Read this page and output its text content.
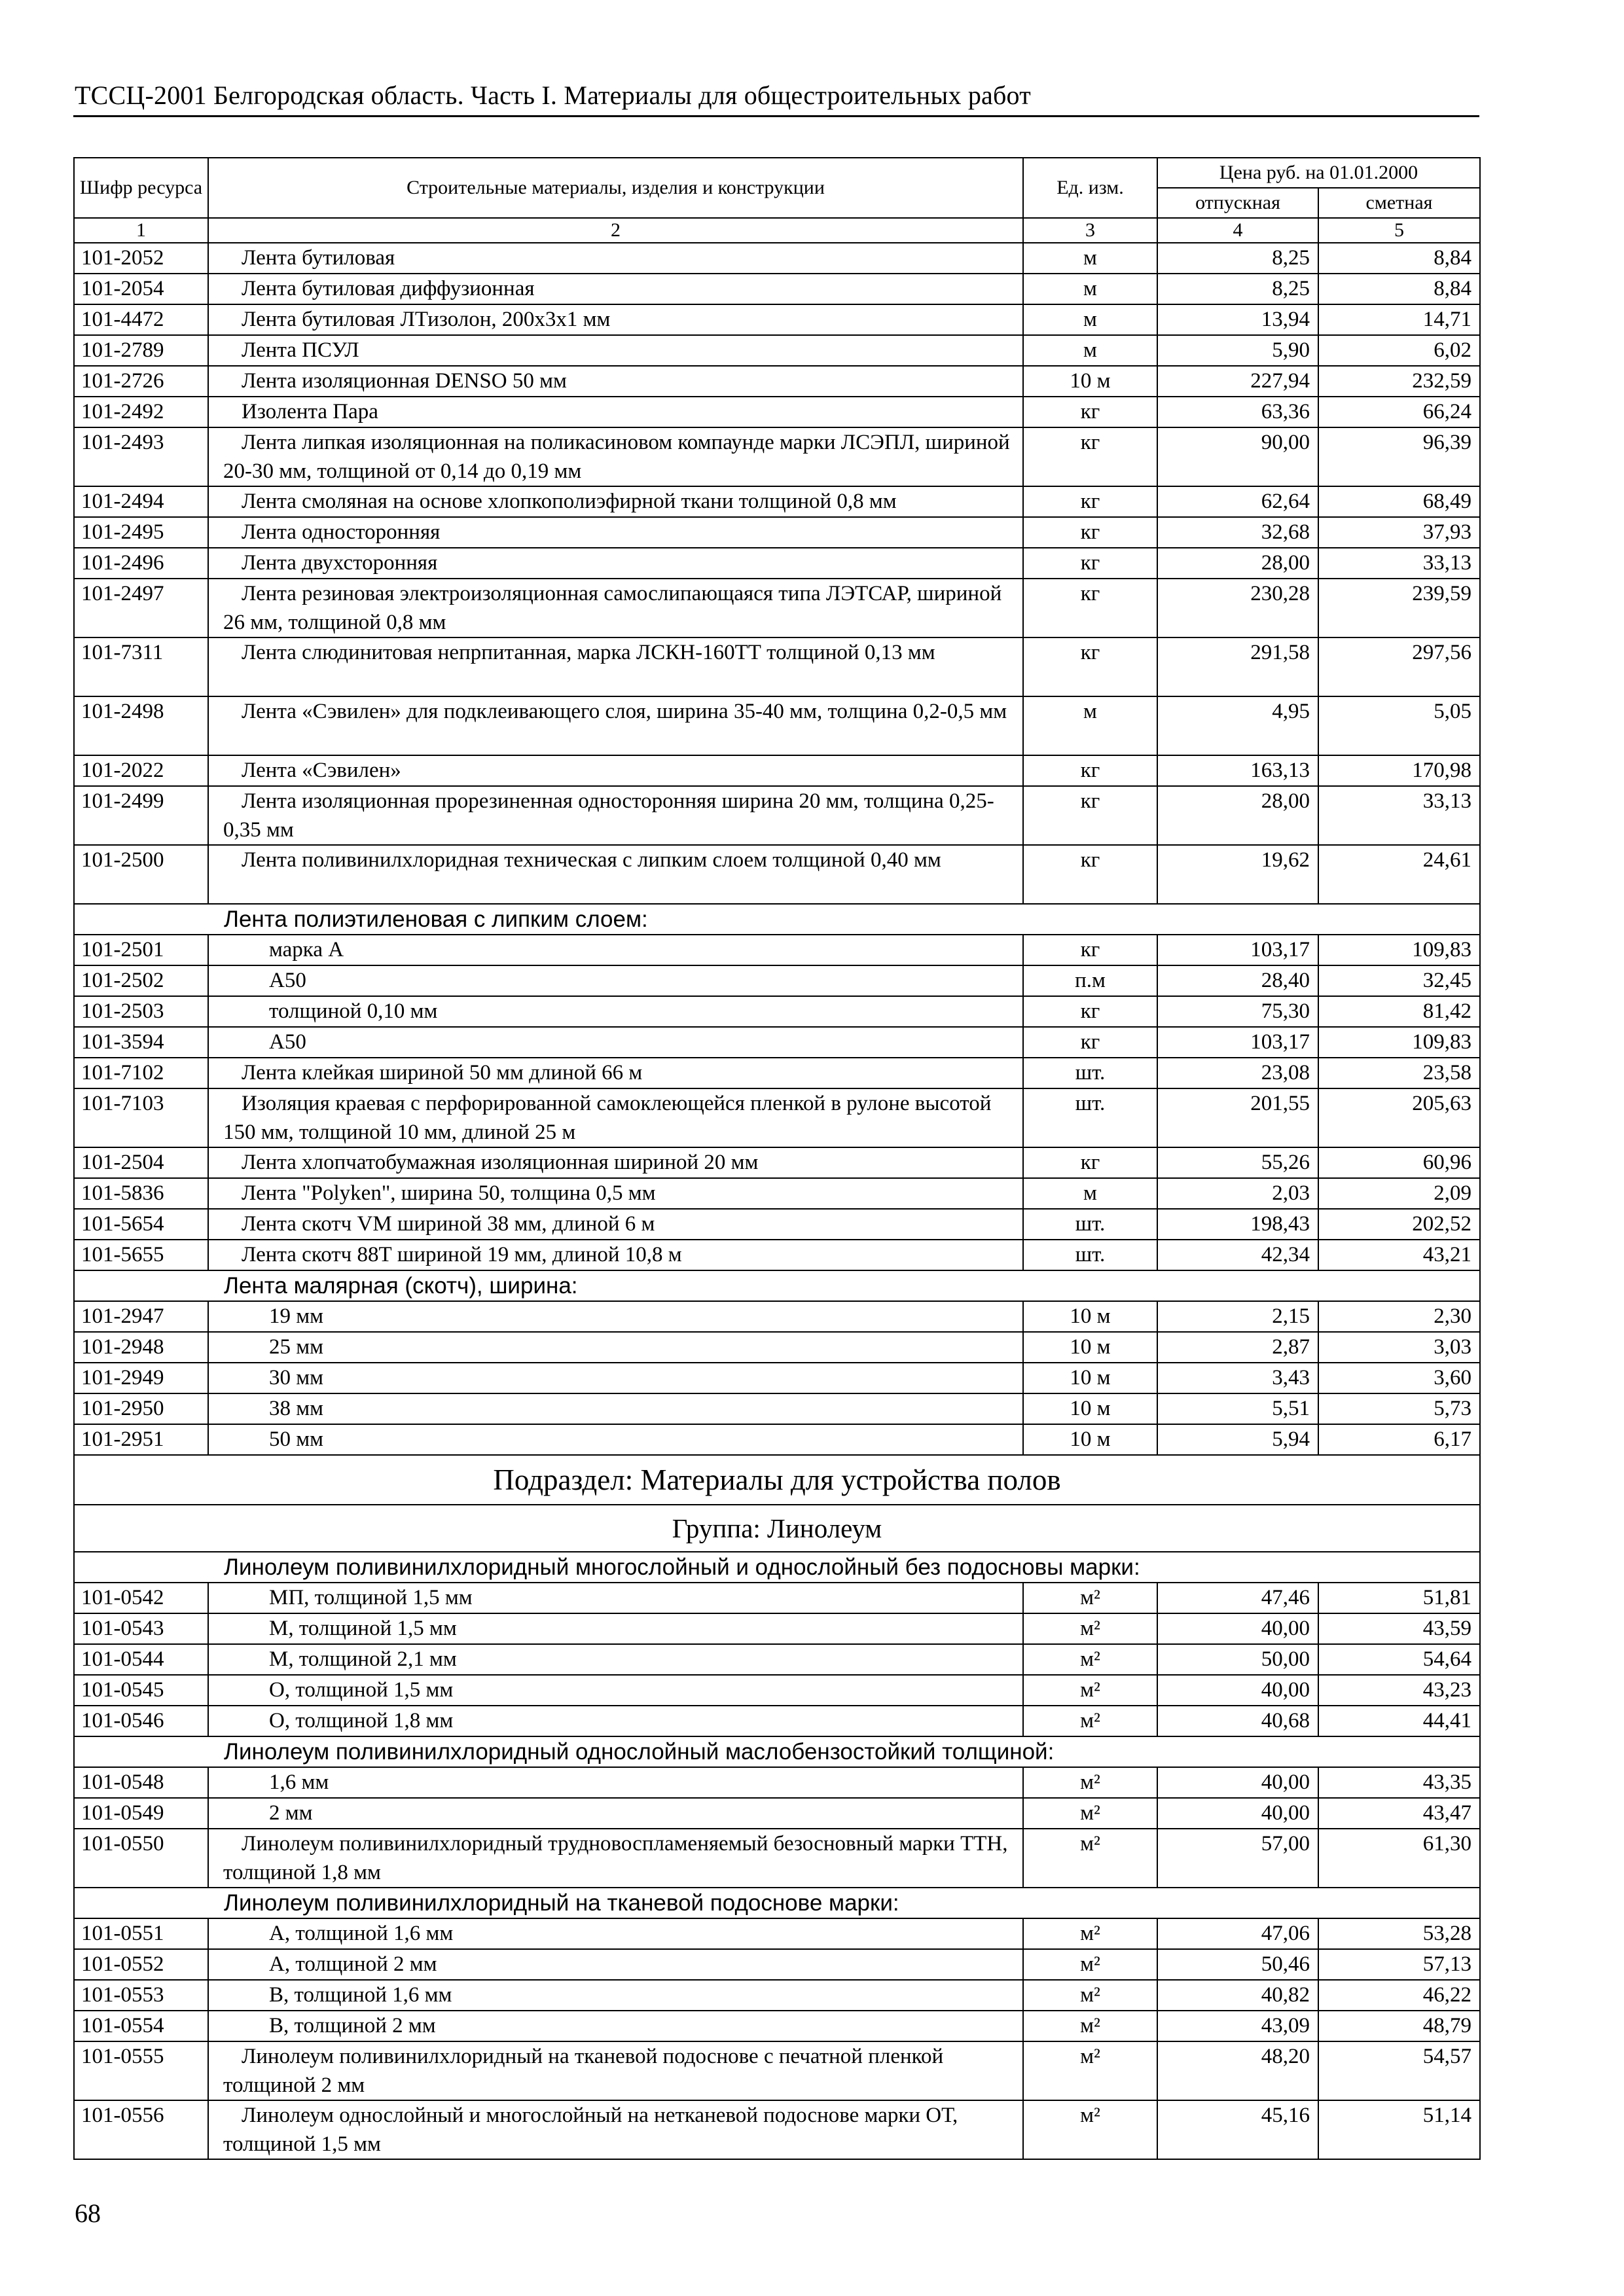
ТССЦ-2001 Белгородская область. Часть I. Материалы для общестроительных работ
Шифр ресурса	Строительные материалы, изделия и конструкции	Ед. изм.	Цена руб. на 01.01.2000	
			отпускная	сметная
1	2	3	4	5
101-2052	Лента бутиловая	м	8,25	8,84
101-2054	Лента бутиловая диффузионная	м	8,25	8,84
101-4472	Лента бутиловая ЛТизолон, 200х3х1 мм	м	13,94	14,71
101-2789	Лента ПСУЛ	м	5,90	6,02
101-2726	Лента изоляционная DENSO 50 мм	10 м	227,94	232,59
101-2492	Изолента Пара	кг	63,36	66,24
101-2493	Лента липкая изоляционная на поликасиновом компаунде марки ЛСЭПЛ, шириной 20-30 мм, толщиной от 0,14 до 0,19 мм	кг	90,00	96,39
101-2494	Лента смоляная на основе хлопкополиэфирной ткани толщиной 0,8 мм	кг	62,64	68,49
101-2495	Лента односторонняя	кг	32,68	37,93
101-2496	Лента двухсторонняя	кг	28,00	33,13
101-2497	Лента резиновая электроизоляционная самослипающаяся типа ЛЭТСАР, шириной 26 мм, толщиной 0,8 мм	кг	230,28	239,59
101-7311	Лента слюдинитовая непрпитанная, марка ЛСКН-160ТТ толщиной 0,13 мм	кг	291,58	297,56
101-2498	Лента «Сэвилен» для подклеивающего слоя, ширина 35-40 мм, толщина 0,2-0,5 мм	м	4,95	5,05
101-2022	Лента «Сэвилен»	кг	163,13	170,98
101-2499	Лента изоляционная прорезиненная односторонняя ширина 20 мм, толщина 0,25-0,35 мм	кг	28,00	33,13
101-2500	Лента поливинилхлоридная техническая с липким слоем толщиной 0,40 мм	кг	19,62	24,61
Лента полиэтиленовая с липким слоем:				
101-2501	марка А	кг	103,17	109,83
101-2502	А50	п.м	28,40	32,45
101-2503	толщиной 0,10 мм	кг	75,30	81,42
101-3594	А50	кг	103,17	109,83
101-7102	Лента клейкая шириной 50 мм длиной 66 м	шт.	23,08	23,58
101-7103	Изоляция краевая с перфорированной самоклеющейся пленкой в рулоне высотой 150 мм, толщиной 10 мм, длиной 25 м	шт.	201,55	205,63
101-2504	Лента хлопчатобумажная изоляционная шириной 20 мм	кг	55,26	60,96
101-5836	Лента "Polyken", ширина 50, толщина 0,5 мм	м	2,03	2,09
101-5654	Лента скотч VM шириной 38 мм, длиной 6 м	шт.	198,43	202,52
101-5655	Лента скотч 88Т шириной 19 мм, длиной 10,8 м	шт.	42,34	43,21
Лента малярная (скотч), ширина:				
101-2947	19 мм	10 м	2,15	2,30
101-2948	25 мм	10 м	2,87	3,03
101-2949	30 мм	10 м	3,43	3,60
101-2950	38 мм	10 м	5,51	5,73
101-2951	50 мм	10 м	5,94	6,17
Подраздел: Материалы для устройства полов				
Группа: Линолеум				
Линолеум поливинилхлоридный многослойный и однослойный без подосновы марки:				
101-0542	МП, толщиной 1,5 мм	м²	47,46	51,81
101-0543	М, толщиной 1,5 мм	м²	40,00	43,59
101-0544	М, толщиной 2,1 мм	м²	50,00	54,64
101-0545	О, толщиной 1,5 мм	м²	40,00	43,23
101-0546	О, толщиной 1,8 мм	м²	40,68	44,41
Линолеум поливинилхлоридный однослойный маслобензостойкий толщиной:				
101-0548	1,6 мм	м²	40,00	43,35
101-0549	2 мм	м²	40,00	43,47
101-0550	Линолеум поливинилхлоридный трудновоспламеняемый безосновный марки ТТН, толщиной 1,8 мм	м²	57,00	61,30
Линолеум поливинилхлоридный на тканевой подоснове марки:				
101-0551	А, толщиной 1,6 мм	м²	47,06	53,28
101-0552	А, толщиной 2 мм	м²	50,46	57,13
101-0553	В, толщиной 1,6 мм	м²	40,82	46,22
101-0554	В, толщиной 2 мм	м²	43,09	48,79
101-0555	Линолеум поливинилхлоридный на тканевой подоснове с печатной пленкой толщиной 2 мм	м²	48,20	54,57
101-0556	Линолеум однослойный и многослойный на нетканевой подоснове марки ОТ, толщиной 1,5 мм	м²	45,16	51,14
68
